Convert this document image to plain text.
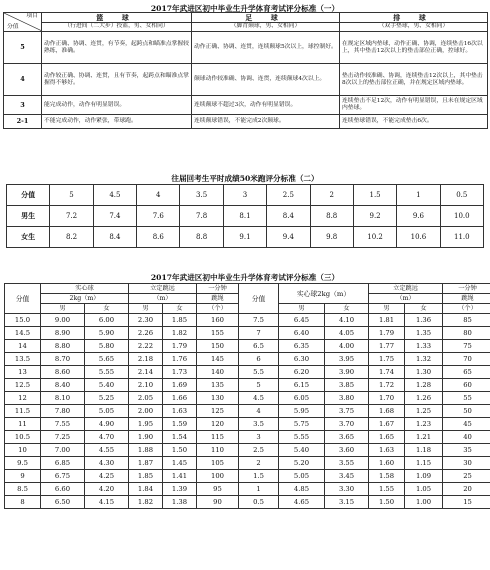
2017年武进区初中毕业生升学体育考试评分标准（一）
项目
分值	篮 球	足 球	排 球
	（行进间（二大步）投篮，男、女相同）	（脚背颠球，男、女相同）	（双手垫球，男、女相同）
5	动作正确、协调、连贯，有节奏，起跨点和瞄准点掌握较熟练，准确。	动作正确、协调、连贯，连续颠球5次以上，球控制好。	在规定区域内垫球，动作正确、协调，连续垫击16次以上，其中垫击12次以上的垫击部位正确，控球好。
4	动作较正确、协调、连贯，且有节奏，起跨点和瞄准点掌握得不够好。	颠球动作较准确、协调、连贯，连续颠球4次以上。	垫击动作较准确、协调，连续垫击12次以上，其中垫击8次以上的垫击部位正确，并在规定区域内垫球。
3	能完成动作，动作有明显错误。	连续颠球不超过3次，动作有明显错误。	连续垫击不足12次，动作有明显错误，且未在规定区域内垫球。
2-1	不能完成动作，动作紧张，带球跑。	连续颠球错误，不能完成2次颠球。	连续垫球错误，不能完成垫击6次。
往届回考生平时成绩50米跑评分标准（二）
分值	5	4.5	4	3.5	3	2.5	2	1.5	1	0.5
男生	7.2	7.4	7.6	7.8	8.1	8.4	8.8	9.2	9.6	10.0
女生	8.2	8.4	8.6	8.8	9.1	9.4	9.8	10.2	10.6	11.0
2017年武进区初中毕业生升学体育考试评分标准（三）
分值	实心球		立定跳远		一分钟	分值	实心球2kg（m）		立定跳远		一分钟
	2kg（m）		（m）		跳绳				（m）		跳绳
	男	女	男	女	（个）		男	女	男	女	（个）
15.0	9.00	6.00	2.30	1.85	160	7.5	6.45	4.10	1.81	1.36	85
14.5	8.90	5.90	2.26	1.82	155	7	6.40	4.05	1.79	1.35	80
14	8.80	5.80	2.22	1.79	150	6.5	6.35	4.00	1.77	1.33	75
13.5	8.70	5.65	2.18	1.76	145	6	6.30	3.95	1.75	1.32	70
13	8.60	5.55	2.14	1.73	140	5.5	6.20	3.90	1.74	1.30	65
12.5	8.40	5.40	2.10	1.69	135	5	6.15	3.85	1.72	1.28	60
12	8.10	5.25	2.05	1.66	130	4.5	6.05	3.80	1.70	1.26	55
11.5	7.80	5.05	2.00	1.63	125	4	5.95	3.75	1.68	1.25	50
11	7.55	4.90	1.95	1.59	120	3.5	5.75	3.70	1.67	1.23	45
10.5	7.25	4.70	1.90	1.54	115	3	5.55	3.65	1.65	1.21	40
10	7.00	4.55	1.88	1.50	110	2.5	5.40	3.60	1.63	1.18	35
9.5	6.85	4.30	1.87	1.45	105	2	5.20	3.55	1.60	1.15	30
9	6.75	4.25	1.85	1.41	100	1.5	5.05	3.45	1.58	1.09	25
8.5	6.60	4.20	1.84	1.39	95	1	4.85	3.30	1.55	1.05	20
8	6.50	4.15	1.82	1.38	90	0.5	4.65	3.15	1.50	1.00	15
